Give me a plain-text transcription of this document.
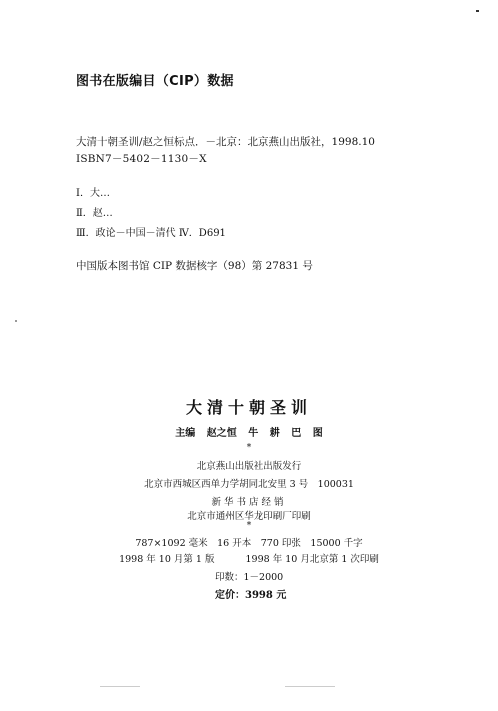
图书在版编目（CIP）数据
大清十朝圣训/赵之恒标点．－北京：北京燕山出版社，1998.10
ISBN7－5402－1130－X
Ⅰ．大…
Ⅱ．赵…
Ⅲ．政论－中国－清代 Ⅳ．D691
中国版本图书馆 CIP 数据核字（98）第 27831 号
大清十朝圣训
主编 赵之恒 牛 耕 巴 图
*
北京燕山出版社出版发行
北京市西城区西单力学胡同北安里 3 号　100031
新华书店经销
北京市通州区华龙印刷厂印刷
*
787×1092 毫米　16 开本　770 印张　15000 千字
1998 年 10 月第 1 版	1998 年 10 月北京第 1 次印刷
印数：1－2000
定价：3998 元
